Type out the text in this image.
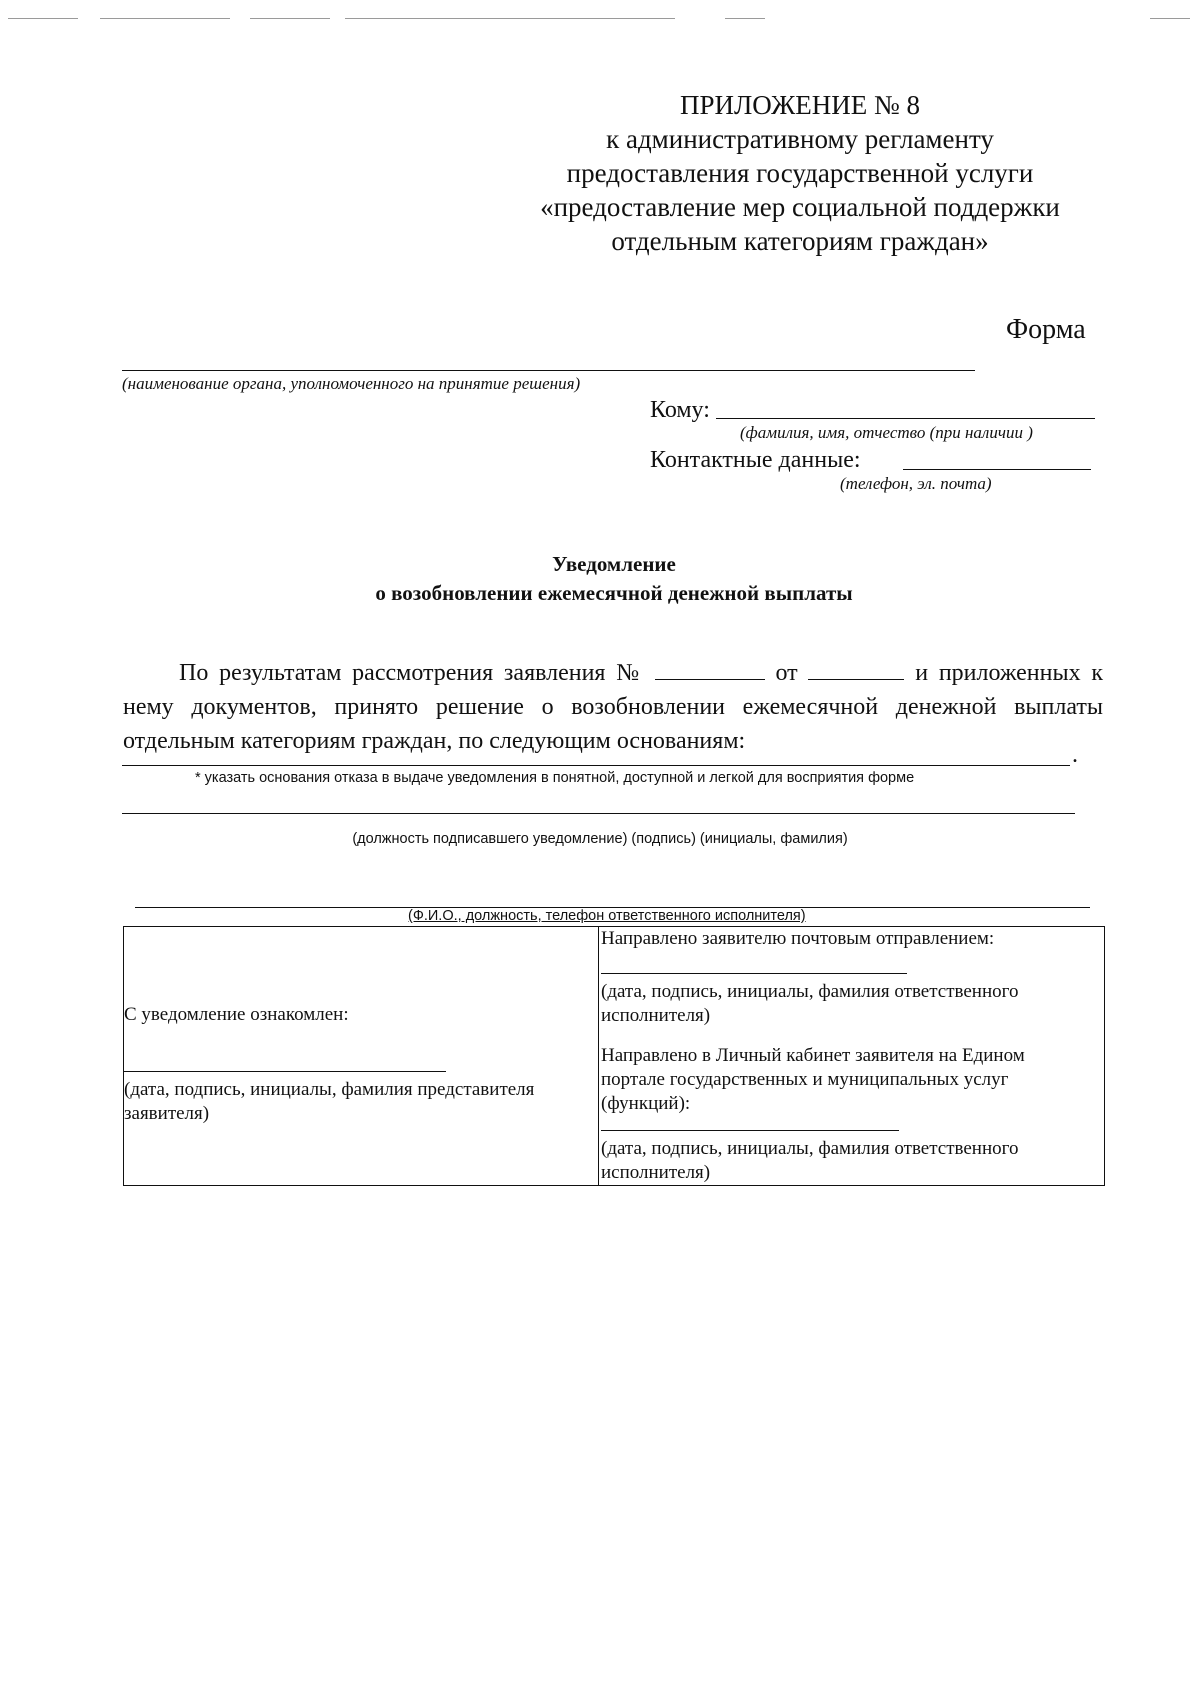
ПРИЛОЖЕНИЕ № 8
к административному регламенту
предоставления государственной услуги
«предоставление мер социальной поддержки
отдельным категориям граждан»
Форма
(наименование органа, уполномоченного на принятие решения)
Кому:
(фамилия, имя, отчество (при наличии )
Контактные данные:
(телефон, эл. почта)
Уведомление
о возобновлении ежемесячной денежной выплаты
По результатам рассмотрения заявления №	от	и приложенных к нему документов, принято решение о возобновлении ежемесячной денежной выплаты отдельным категориям граждан, по следующим основаниям:
.
* указать основания отказа в выдаче уведомления в понятной, доступной и легкой для восприятия форме
(должность подписавшего уведомление) (подпись) (инициалы, фамилия)
(Ф.И.О., должность, телефон ответственного исполнителя)
С уведомление ознакомлен:
(дата, подпись, инициалы, фамилия представителя заявителя)

Направлено заявителю почтовым отправлением:
(дата, подпись, инициалы, фамилия ответственного исполнителя)
Направлено в Личный кабинет заявителя на Едином портале государственных и муниципальных услуг (функций):
(дата, подпись, инициалы, фамилия ответственного исполнителя)
